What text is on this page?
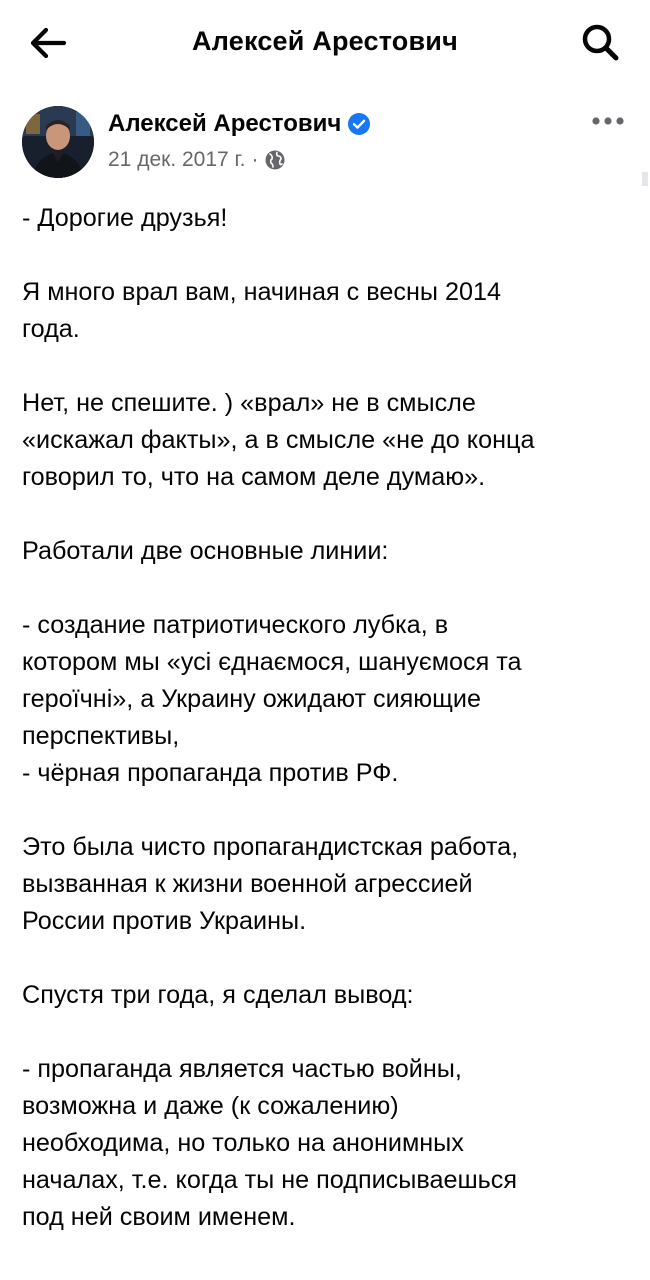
Алексей Арестович
Алексей Арестович
21 дек. 2017 г. ·

- Дорогие друзья!

Я много врал вам, начиная с весны 2014
года.

Нет, не спешите. ) «врал» не в смысле
«искажал факты», а в смысле «не до конца
говорил то, что на самом деле думаю».

Работали две основные линии:

- создание патриотического лубка, в
котором мы «усі єднаємося, шануємося та
героїчні», а Украину ожидают сияющие
перспективы,
- чёрная пропаганда против РФ.

Это была чисто пропагандистская работа,
вызванная к жизни военной агрессией
России против Украины.

Спустя три года, я сделал вывод:

- пропаганда является частью войны,
возможна и даже (к сожалению)
необходима, но только на анонимных
началах, т.е. когда ты не подписываешься
под ней своим именем.
